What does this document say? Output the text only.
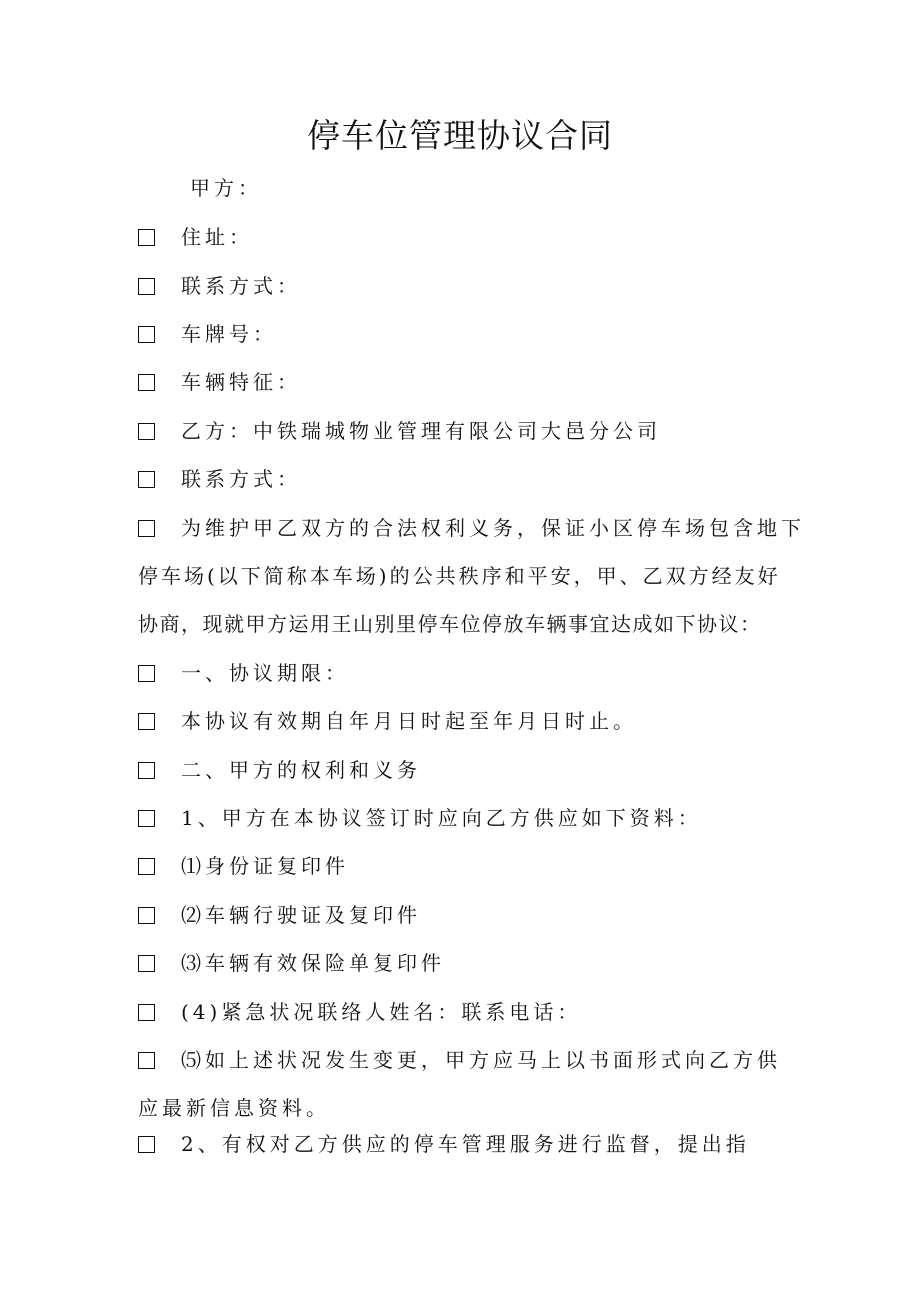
停车位管理协议合同
甲方：
住址：
联系方式：
车牌号：
车辆特征：
乙方：中铁瑞城物业管理有限公司大邑分公司
联系方式：
为维护甲乙双方的合法权利义务，保证小区停车场包含地下
停车场(以下简称本车场)的公共秩序和平安，甲、乙双方经友好
协商，现就甲方运用王山别里停车位停放车辆事宜达成如下协议：
一、协议期限：
本协议有效期自年月日时起至年月日时止。
二、甲方的权利和义务
1、甲方在本协议签订时应向乙方供应如下资料：
⑴身份证复印件
⑵车辆行驶证及复印件
⑶车辆有效保险单复印件
(4)紧急状况联络人姓名：联系电话：
⑸如上述状况发生变更，甲方应马上以书面形式向乙方供
应最新信息资料。
2、有权对乙方供应的停车管理服务进行监督，提出指
